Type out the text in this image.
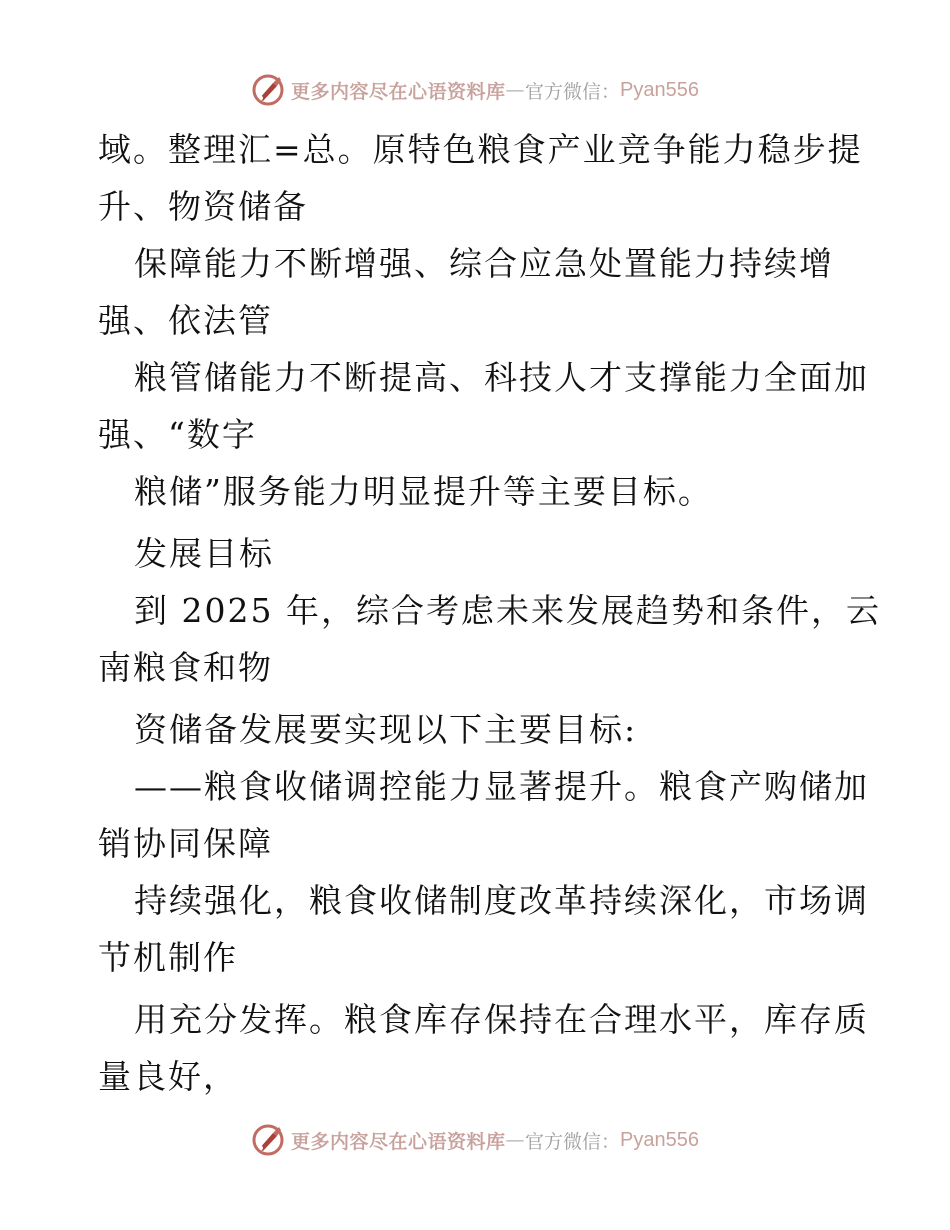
更多内容尽在心语资料库 — 官方微信： Pyan556
域。整理汇=总。原特色粮食产业竞争能力稳步提
升、物资储备
保障能力不断增强、综合应急处置能力持续增
强、依法管
粮管储能力不断提高、科技人才支撑能力全面加
强、“数字
粮储”服务能力明显提升等主要目标。
发展目标
到 2025 年，综合考虑未来发展趋势和条件，云
南粮食和物
资储备发展要实现以下主要目标:
——粮食收储调控能力显著提升。粮食产购储加
销协同保障
持续强化，粮食收储制度改革持续深化，市场调
节机制作
用充分发挥。粮食库存保持在合理水平，库存质
量良好，
更多内容尽在心语资料库 — 官方微信： Pyan556
